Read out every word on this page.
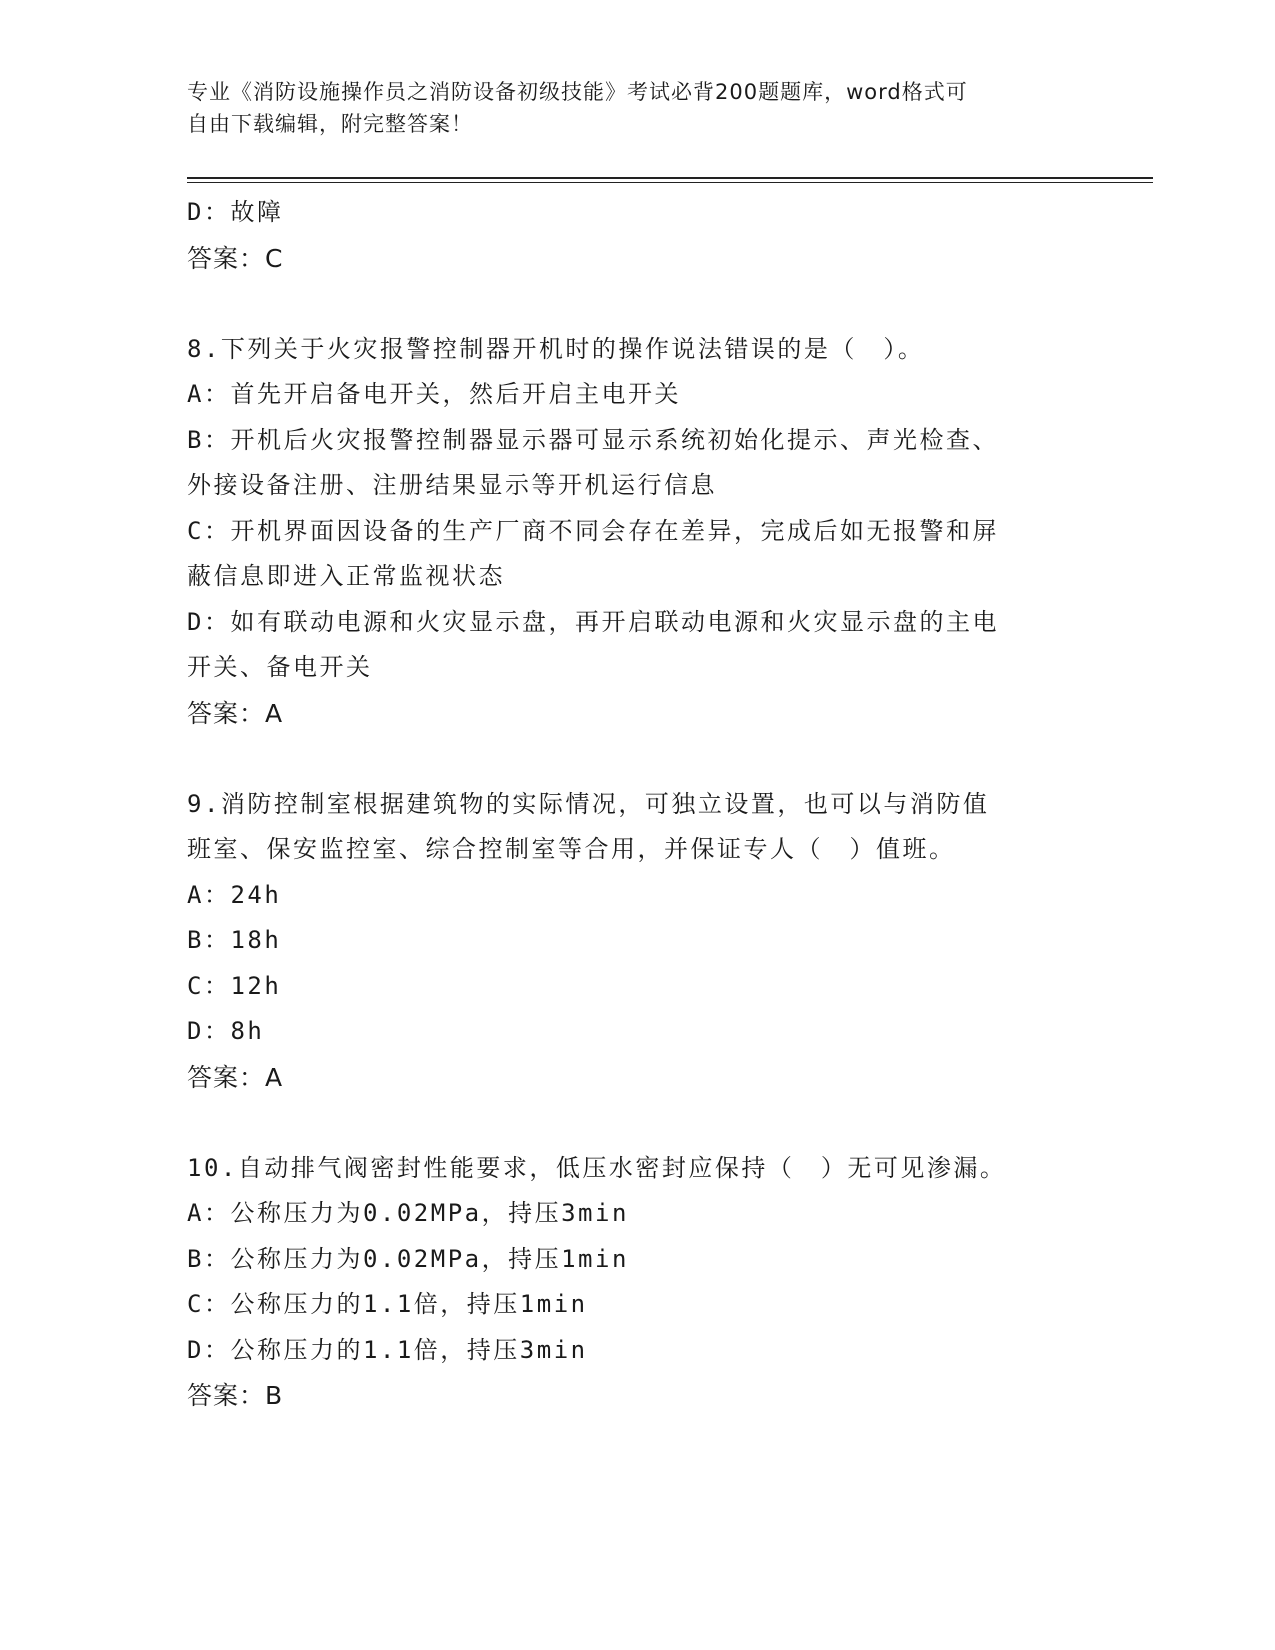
专业《消防设施操作员之消防设备初级技能》考试必背200题题库，word格式可
自由下载编辑，附完整答案！
D：故障
答案：C
8.下列关于火灾报警控制器开机时的操作说法错误的是（　）。
A：首先开启备电开关，然后开启主电开关
B：开机后火灾报警控制器显示器可显示系统初始化提示、声光检查、
外接设备注册、注册结果显示等开机运行信息
C：开机界面因设备的生产厂商不同会存在差异，完成后如无报警和屏
蔽信息即进入正常监视状态
D：如有联动电源和火灾显示盘，再开启联动电源和火灾显示盘的主电
开关、备电开关
答案：A
9.消防控制室根据建筑物的实际情况，可独立设置，也可以与消防值
班室、保安监控室、综合控制室等合用，并保证专人（　）值班。
A：24h
B：18h
C：12h
D：8h
答案：A
10.自动排气阀密封性能要求，低压水密封应保持（　）无可见渗漏。
A：公称压力为0.02MPa，持压3min
B：公称压力为0.02MPa，持压1min
C：公称压力的1.1倍，持压1min
D：公称压力的1.1倍，持压3min
答案：B
